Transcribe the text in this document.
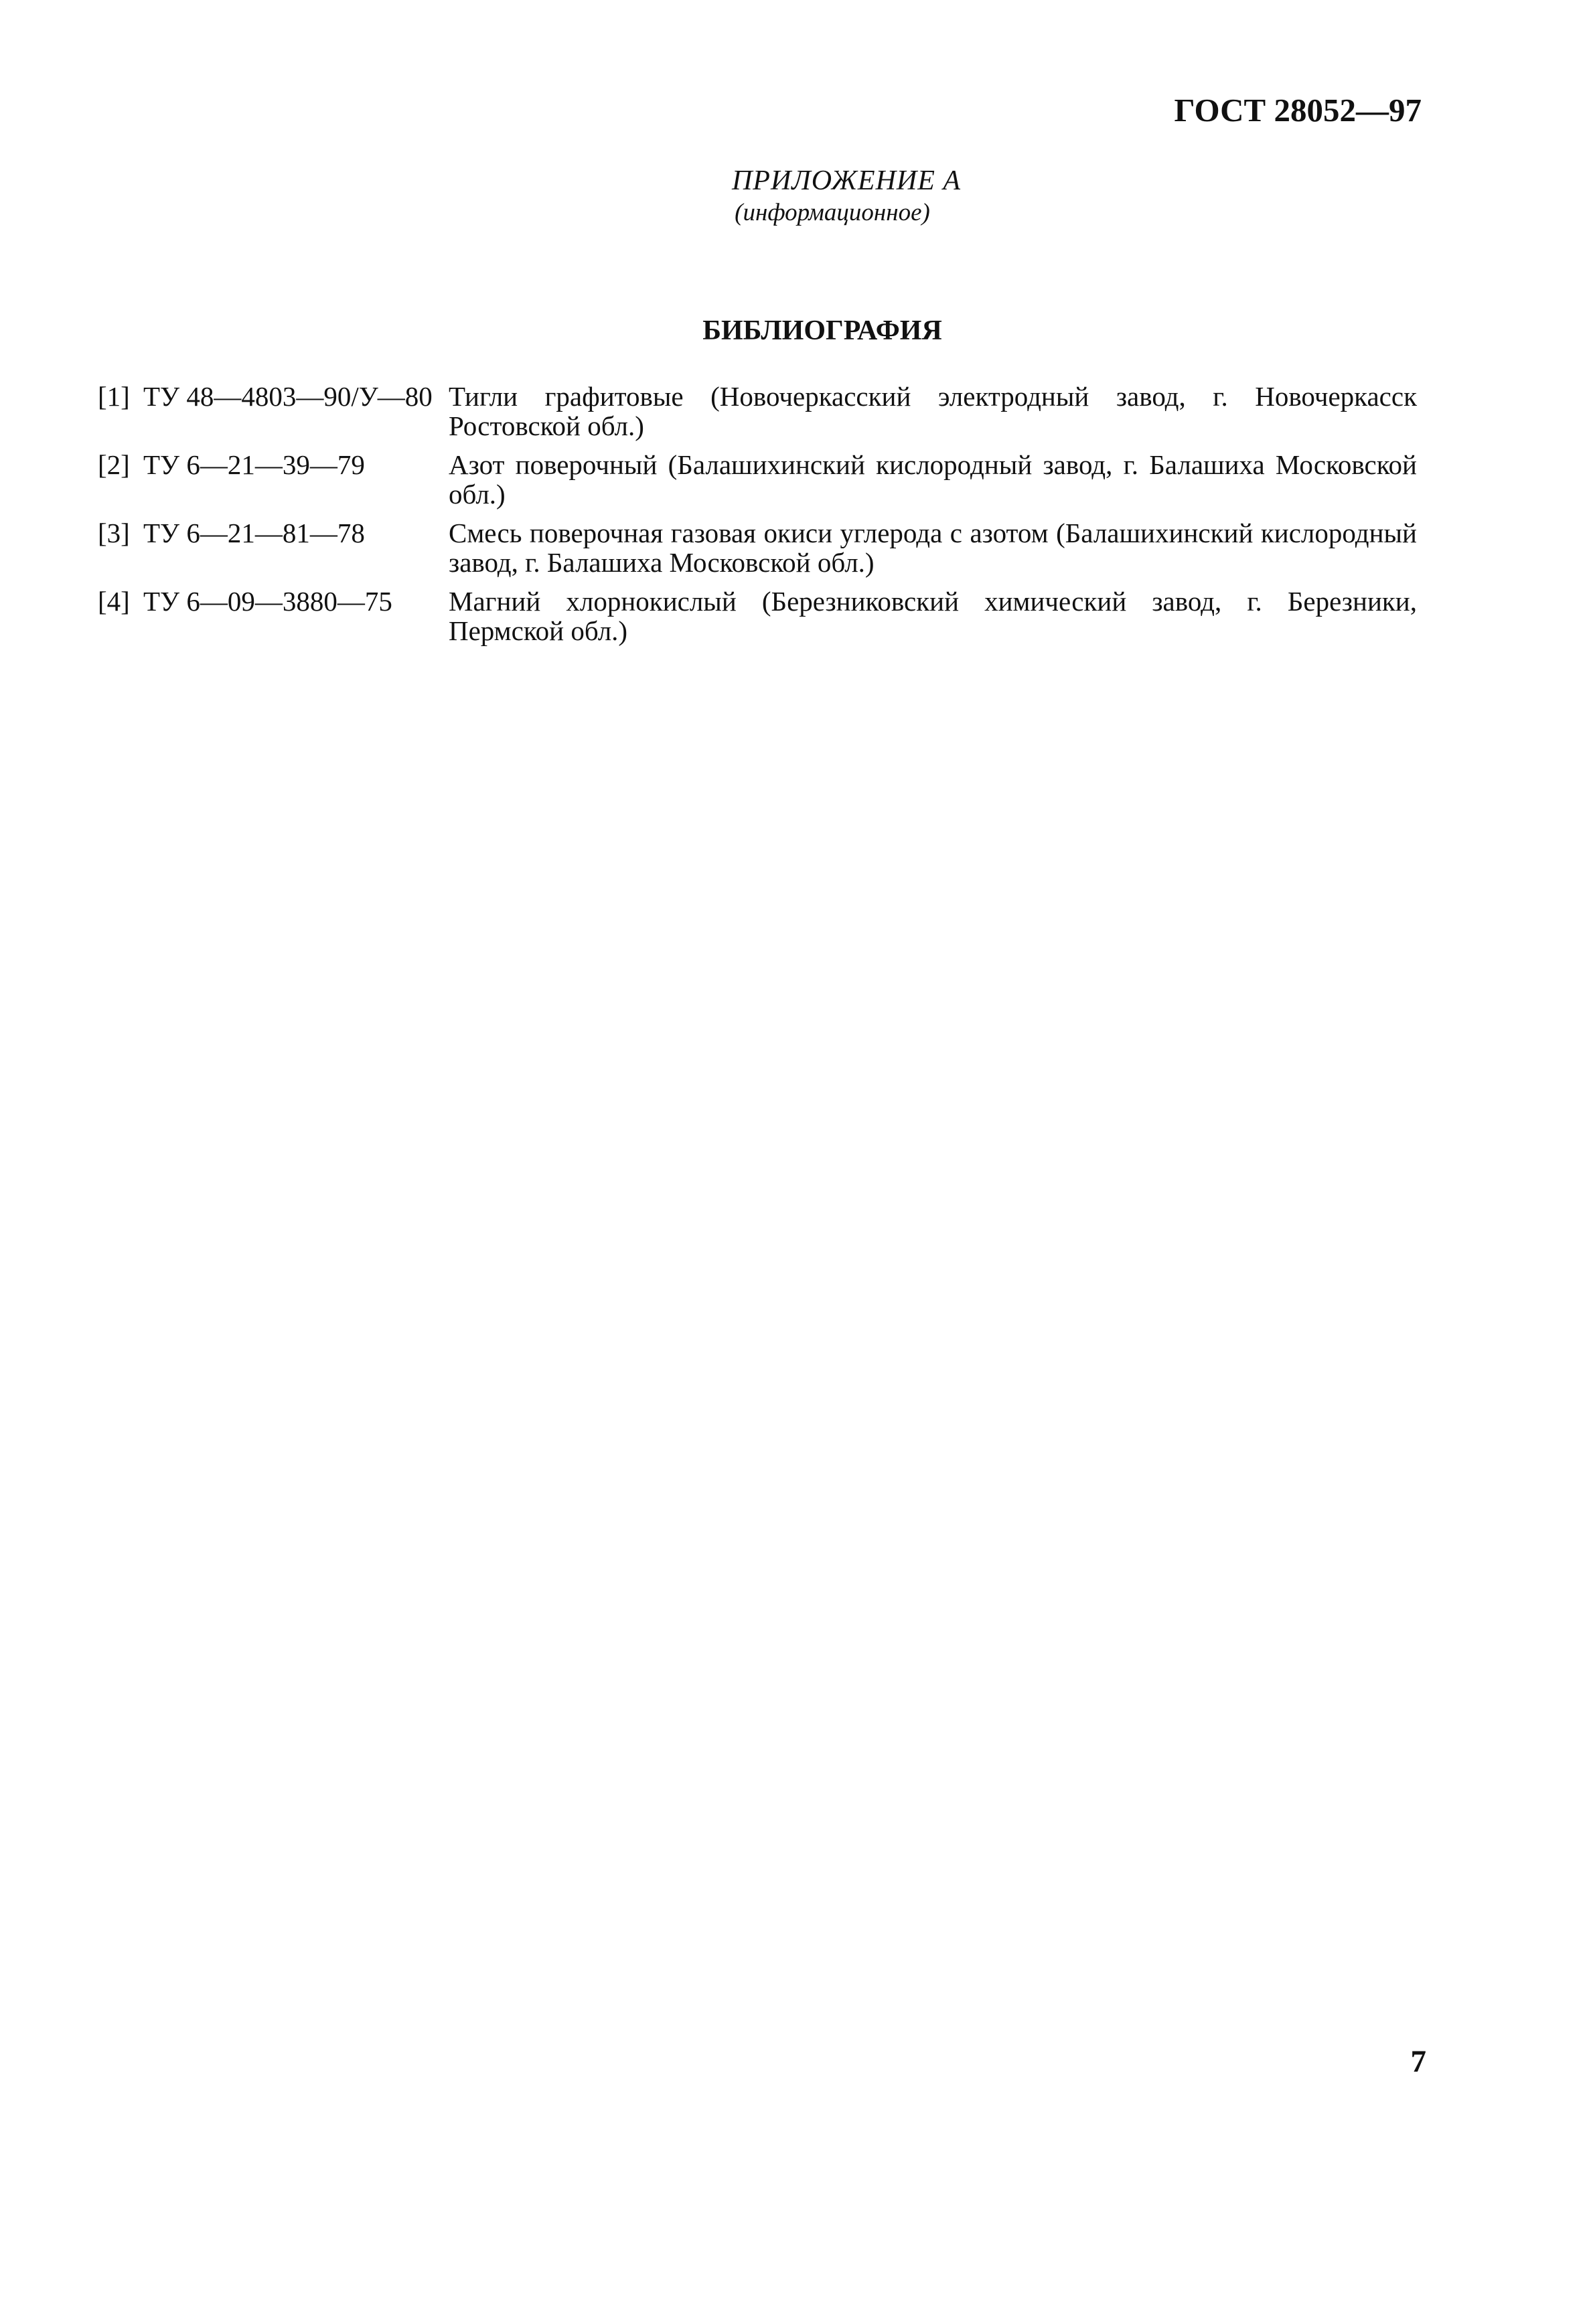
ГОСТ 28052—97
ПРИЛОЖЕНИЕ А
(информационное)
БИБЛИОГРАФИЯ
[1] ТУ 48—4803—90/У—80 Тигли графитовые (Новочеркасский электродный завод, г. Новочеркасск Ростовской обл.)
[2] ТУ 6—21—39—79	Азот поверочный (Балашихинский кислородный завод, г. Балашиха Московской обл.)
[3] ТУ 6—21—81—78	Смесь поверочная газовая окиси углерода с азотом (Балашихинский кислородный завод, г. Балашиха Московской обл.)
[4] ТУ 6—09—3880—75	Магний хлорнокислый (Березниковский химический завод, г. Березники, Пермской обл.)
7
